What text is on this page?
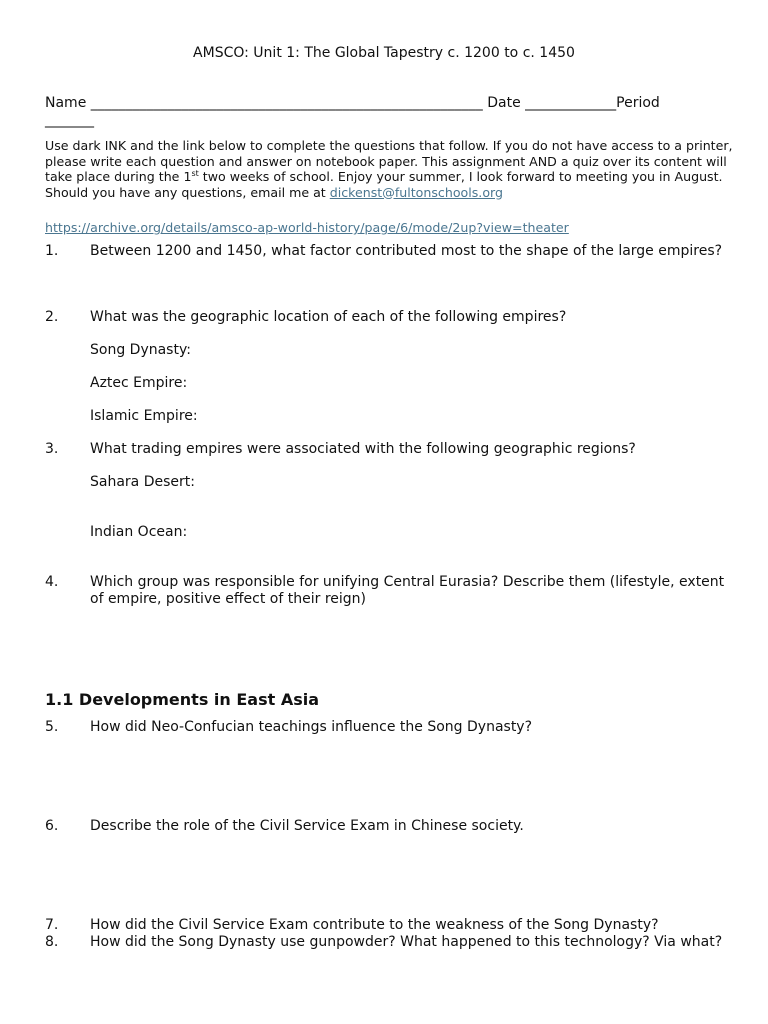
AMSCO: Unit 1: The Global Tapestry c. 1200 to c. 1450
Name ________________________________________________________ Date _____________Period
_______
Use dark INK and the link below to complete the questions that follow. If you do not have access to a printer, please write each question and answer on notebook paper. This assignment AND a quiz over its content will take place during the 1st two weeks of school. Enjoy your summer, I look forward to meeting you in August. Should you have any questions, email me at dickenst@fultonschools.org
https://archive.org/details/amsco-ap-world-history/page/6/mode/2up?view=theater
1. Between 1200 and 1450, what factor contributed most to the shape of the large empires?
2. What was the geographic location of each of the following empires?
Song Dynasty:
Aztec Empire:
Islamic Empire:
3. What trading empires were associated with the following geographic regions?
Sahara Desert:
Indian Ocean:
4. Which group was responsible for unifying Central Eurasia? Describe them (lifestyle, extent of empire, positive effect of their reign)
1.1 Developments in East Asia
5. How did Neo-Confucian teachings influence the Song Dynasty?
6. Describe the role of the Civil Service Exam in Chinese society.
7. How did the Civil Service Exam contribute to the weakness of the Song Dynasty?
8. How did the Song Dynasty use gunpowder? What happened to this technology? Via what?
